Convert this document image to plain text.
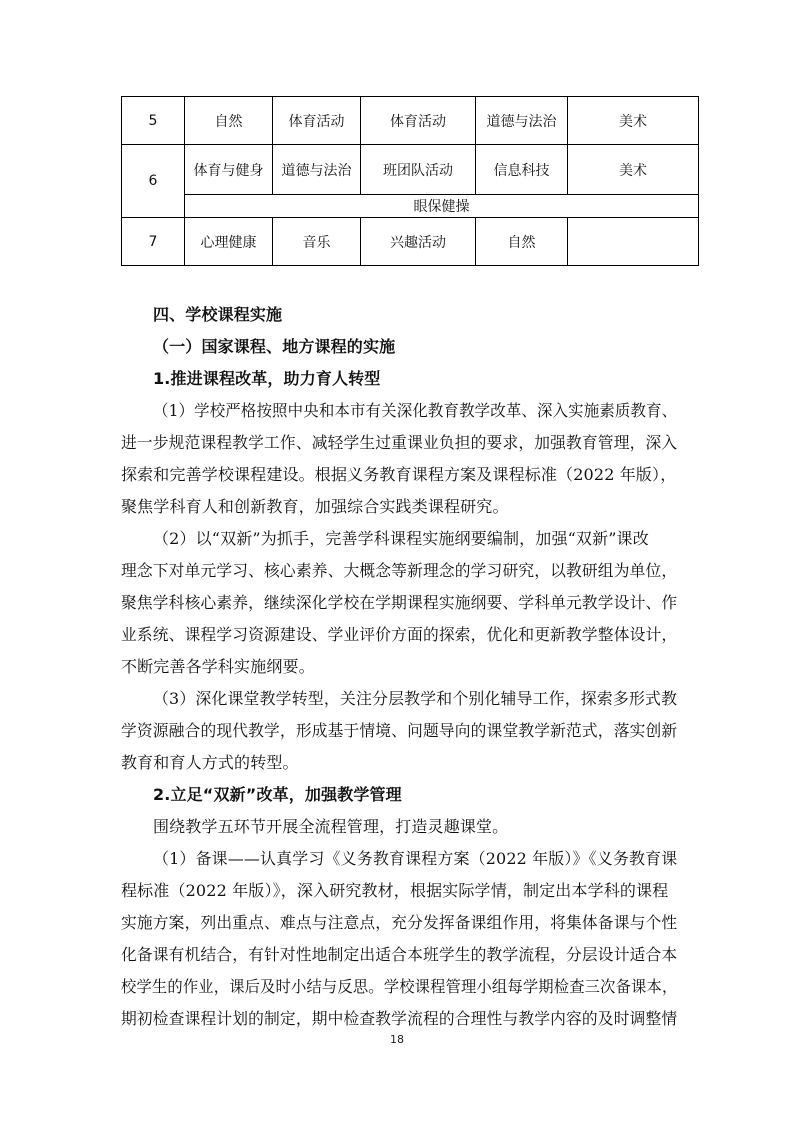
5	自然	体育活动	体育活动	道德与法治	美术
6	体育与健身	道德与法治	班团队活动	信息科技	美术
	眼保健操				
7	心理健康	音乐	兴趣活动	自然	
四、学校课程实施
（一）国家课程、地方课程的实施
1.推进课程改革，助力育人转型
（1）学校严格按照中央和本市有关深化教育教学改革、深入实施素质教育、
进一步规范课程教学工作、减轻学生过重课业负担的要求，加强教育管理，深入
探索和完善学校课程建设。根据义务教育课程方案及课程标准（2022 年版），
聚焦学科育人和创新教育，加强综合实践类课程研究。
（2）以“双新”为抓手，完善学科课程实施纲要编制，加强“双新”课改
理念下对单元学习、核心素养、大概念等新理念的学习研究，以教研组为单位，
聚焦学科核心素养，继续深化学校在学期课程实施纲要、学科单元教学设计、作
业系统、课程学习资源建设、学业评价方面的探索，优化和更新教学整体设计，
不断完善各学科实施纲要。
（3）深化课堂教学转型，关注分层教学和个别化辅导工作，探索多形式教
学资源融合的现代教学，形成基于情境、问题导向的课堂教学新范式，落实创新
教育和育人方式的转型。
2.立足“双新”改革，加强教学管理
围绕教学五环节开展全流程管理，打造灵趣课堂。
（1）备课——认真学习《义务教育课程方案（2022 年版）》《义务教育课
程标准（2022 年版）》，深入研究教材，根据实际学情，制定出本学科的课程
实施方案，列出重点、难点与注意点，充分发挥备课组作用，将集体备课与个性
化备课有机结合，有针对性地制定出适合本班学生的教学流程，分层设计适合本
校学生的作业，课后及时小结与反思。学校课程管理小组每学期检查三次备课本，
期初检查课程计划的制定，期中检查教学流程的合理性与教学内容的及时调整情
18
